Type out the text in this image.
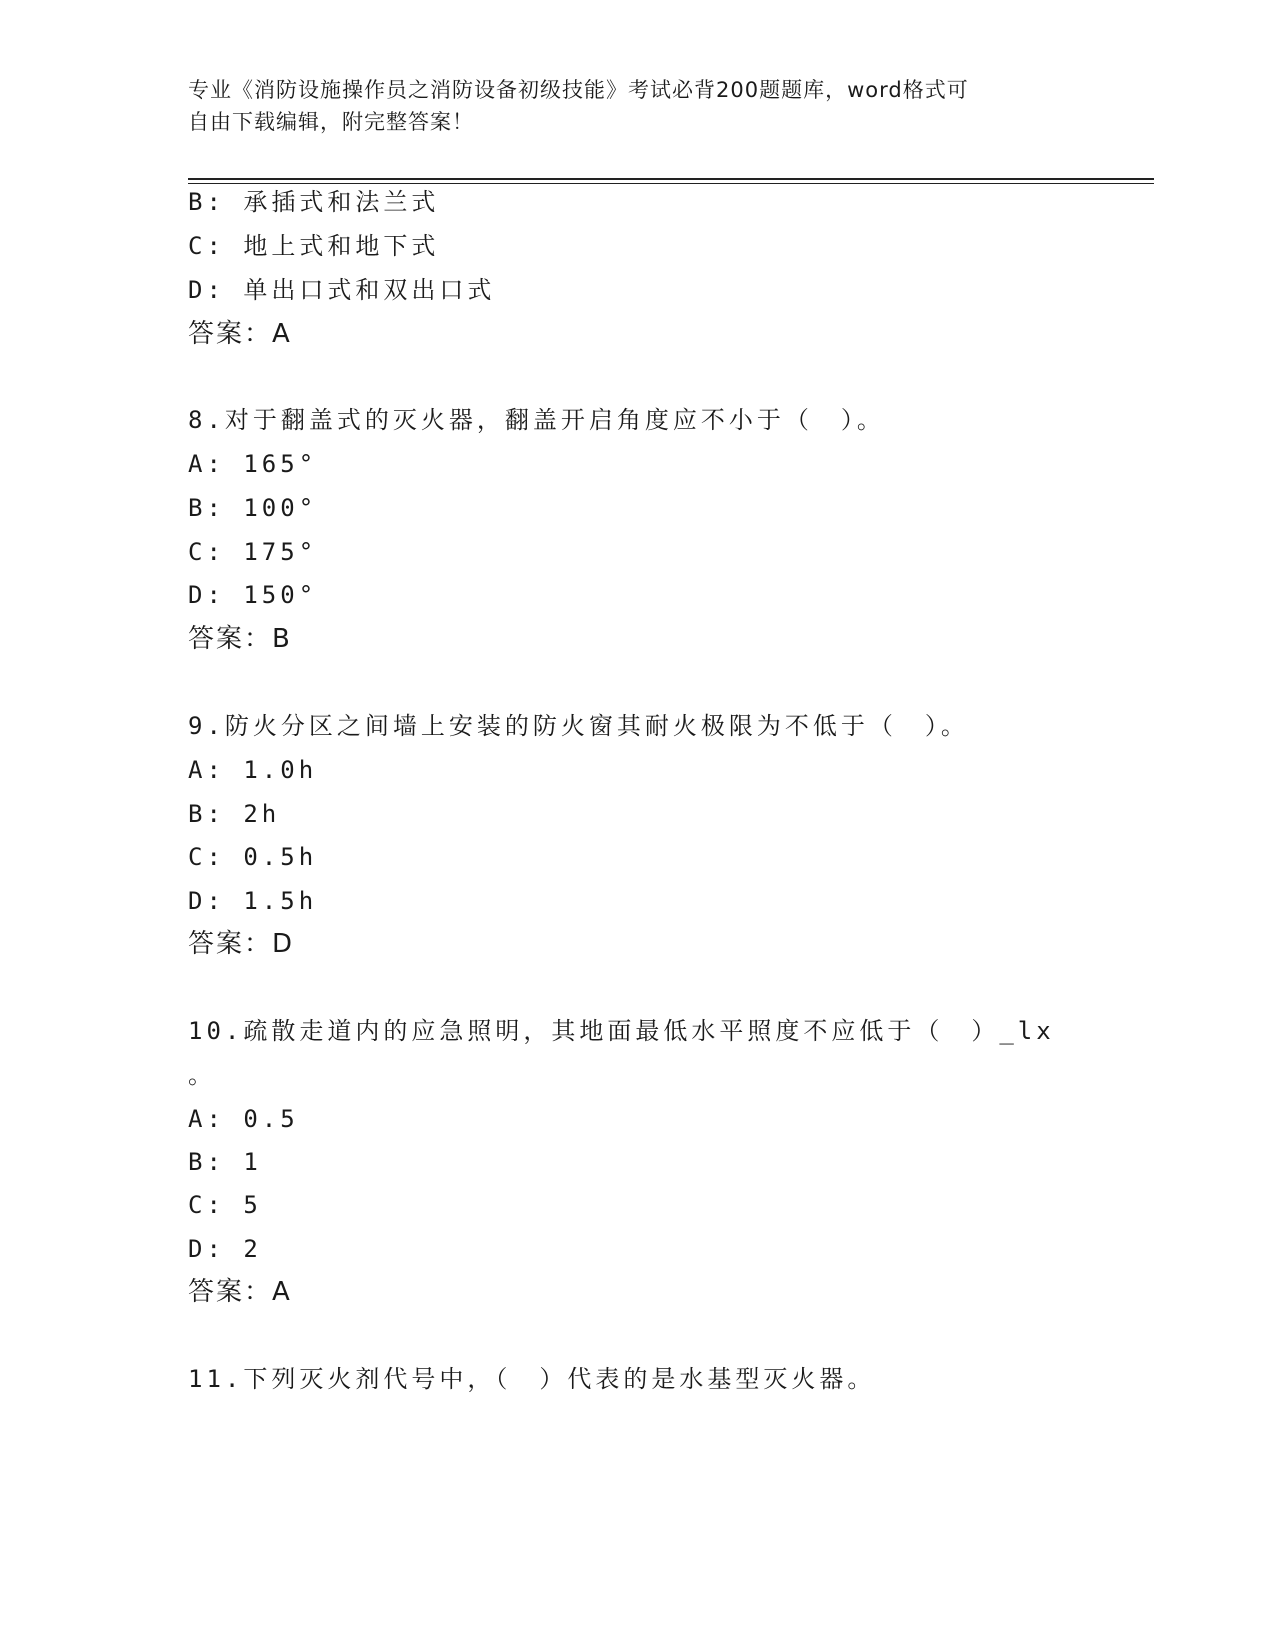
专业《消防设施操作员之消防设备初级技能》考试必背200题题库，word格式可
自由下载编辑，附完整答案！
B: 承插式和法兰式
C: 地上式和地下式
D: 单出口式和双出口式
答案：A
8.对于翻盖式的灭火器，翻盖开启角度应不小于（　）。
A: 165°
B: 100°
C: 175°
D: 150°
答案：B
9.防火分区之间墙上安装的防火窗其耐火极限为不低于（　）。
A: 1.0h
B: 2h
C: 0.5h
D: 1.5h
答案：D
10.疏散走道内的应急照明，其地面最低水平照度不应低于（　）_lx
。
A: 0.5
B: 1
C: 5
D: 2
答案：A
11.下列灭火剂代号中，（　）代表的是水基型灭火器。
